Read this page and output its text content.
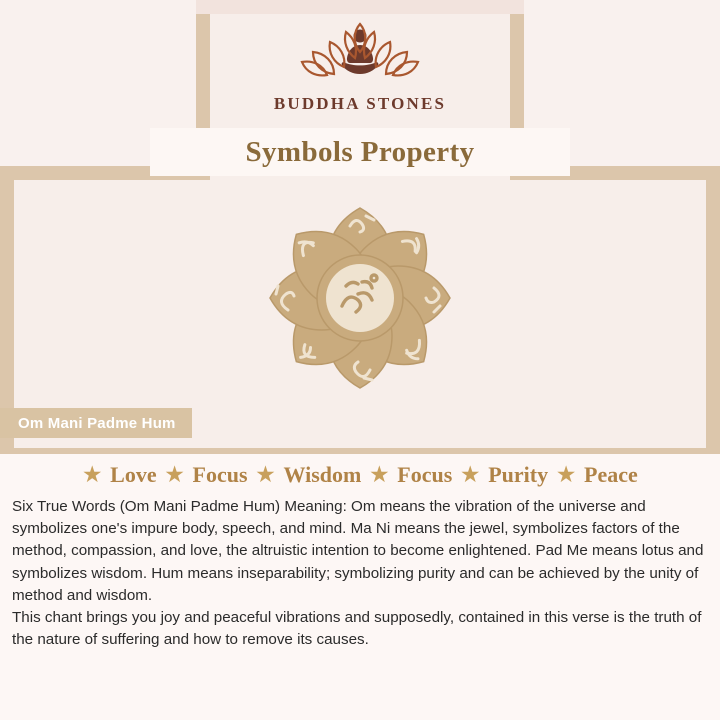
BUDDHA STONES
Symbols Property
Om Mani Padme Hum
★ Love ★ Focus ★ Wisdom ★ Focus ★ Purity ★ Peace

Six True Words (Om Mani Padme Hum) Meaning: Om means the vibration of the universe and symbolizes one's impure body, speech, and mind. Ma Ni means the jewel, symbolizes factors of the method, compassion, and love, the altruistic intention to become enlightened. Pad Me means lotus and symbolizes wisdom. Hum means inseparability; symbolizing purity and can be achieved by the unity of method and wisdom.

This chant brings you joy and peaceful vibrations and supposedly, contained in this verse is the truth of the nature of suffering and how to remove its causes.
